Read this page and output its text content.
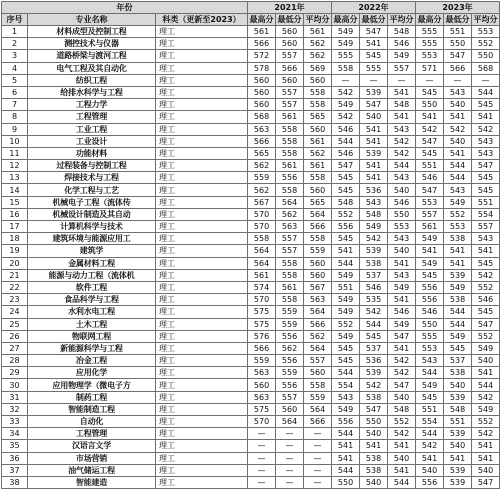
年份			2021年			2022年			2023年		
序号	专业名称	科类（更新至2023）	最高分	最低分	平均分	最高分	最低分	平均分	最高分	最低分	平均分
1	材料成型及控制工程	理工	561	560	561	549	547	548	555	551	553
2	测控技术与仪器	理工	566	560	562	549	541	546	555	550	552
3	道路桥梁与渡河工程	理工	572	557	562	555	545	549	553	547	550
4	电气工程及其自动化	理工	578	566	569	558	555	557	571	566	568
5	纺织工程	理工	560	560	560	—	—	—	—	—	—
6	给排水科学与工程	理工	560	557	558	542	539	541	545	543	544
7	工程力学	理工	560	557	558	549	547	548	550	540	545
8	工程管理	理工	568	561	565	542	540	541	541	541	541
9	工业工程	理工	563	558	560	546	541	543	542	542	542
10	工业设计	理工	566	558	561	544	541	542	547	540	543
11	功能材料	理工	565	558	562	546	539	542	545	541	543
12	过程装备与控制工程	理工	562	561	561	547	541	544	551	544	547
13	焊接技术与工程	理工	559	556	558	545	541	543	546	544	545
14	化学工程与工艺	理工	562	558	560	545	536	540	547	543	545
15	机械电子工程（流体传	理工	567	564	565	548	543	546	553	549	551
16	机械设计制造及其自动	理工	570	562	564	552	548	550	557	552	554
17	计算机科学与技术	理工	570	563	566	556	549	553	561	553	557
18	建筑环境与能源应用工	理工	558	557	558	545	542	543	549	538	543
19	建筑学	理工	564	557	559	541	539	540	541	541	541
20	金属材料工程	理工	564	558	560	544	538	541	549	541	545
21	能源与动力工程（流体机	理工	561	558	560	549	537	543	545	539	542
22	软件工程	理工	574	561	567	551	546	549	556	549	552
23	食品科学与工程	理工	570	558	563	549	535	541	556	538	546
24	水利水电工程	理工	575	559	564	549	542	546	546	544	545
25	土木工程	理工	575	559	566	552	544	549	550	544	547
26	物联网工程	理工	576	556	562	549	545	547	555	549	552
27	新能源科学与工程	理工	566	562	564	545	537	541	553	545	549
28	冶金工程	理工	559	556	557	545	536	542	543	537	540
29	应用化学	理工	563	559	560	544	539	542	544	538	541
30	应用物理学（微电子方	理工	560	556	558	554	542	547	549	540	544
31	制药工程	理工	563	557	559	543	538	540	545	539	542
32	智能制造工程	理工	575	560	564	549	547	548	551	548	549
33	自动化	理工	570	564	566	556	550	552	554	551	552
34	工程管理	理工	—	—	—	544	540	542	544	539	542
35	汉语言文学	理工	—	—	—	541	541	541	542	540	541
36	市场营销	理工	—	—	—	541	538	540	541	541	541
37	油气储运工程	理工	—	—	—	544	538	541	540	539	540
38	智能建造	理工	—	—	—	550	540	544	556	539	547
